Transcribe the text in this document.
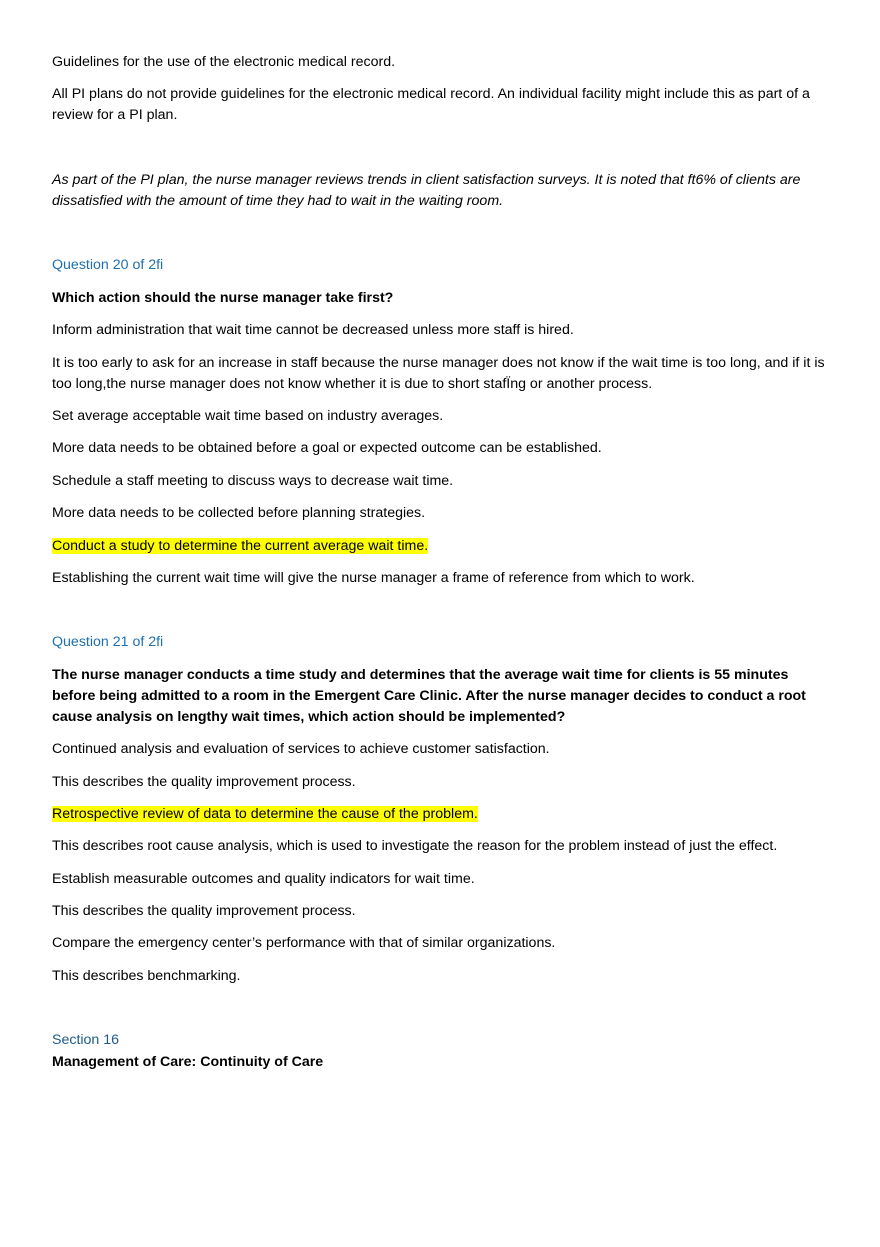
Guidelines for the use of the electronic medical record.
All PI plans do not provide guidelines for the electronic medical record. An individual facility might include this as part of a review for a PI plan.
As part of the PI plan, the nurse manager reviews trends in client satisfaction surveys. It is noted that ft6% of clients are dissatisfied with the amount of time they had to wait in the waiting room.
Question 20 of 2fi
Which action should the nurse manager take first?
Inform administration that wait time cannot be decreased unless more staff is hired.
It is too early to ask for an increase in staff because the nurse manager does not know if the wait time is too long, and if it is too long,the nurse manager does not know whether it is due to short stafÏng or another process.
Set average acceptable wait time based on industry averages.
More data needs to be obtained before a goal or expected outcome can be established.
Schedule a staff meeting to discuss ways to decrease wait time.
More data needs to be collected before planning strategies.
Conduct a study to determine the current average wait time.
Establishing the current wait time will give the nurse manager a frame of reference from which to work.
Question 21 of 2fi
The nurse manager conducts a time study and determines that the average wait time for clients is 55 minutes before being admitted to a room in the Emergent Care Clinic. After the nurse manager decides to conduct a root cause analysis on lengthy wait times, which action should be implemented?
Continued analysis and evaluation of services to achieve customer satisfaction.
This describes the quality improvement process.
Retrospective review of data to determine the cause of the problem.
This describes root cause analysis, which is used to investigate the reason for the problem instead of just the effect.
Establish measurable outcomes and quality indicators for wait time.
This describes the quality improvement process.
Compare the emergency center’s performance with that of similar organizations.
This describes benchmarking.
Section 16
Management of Care: Continuity of Care
